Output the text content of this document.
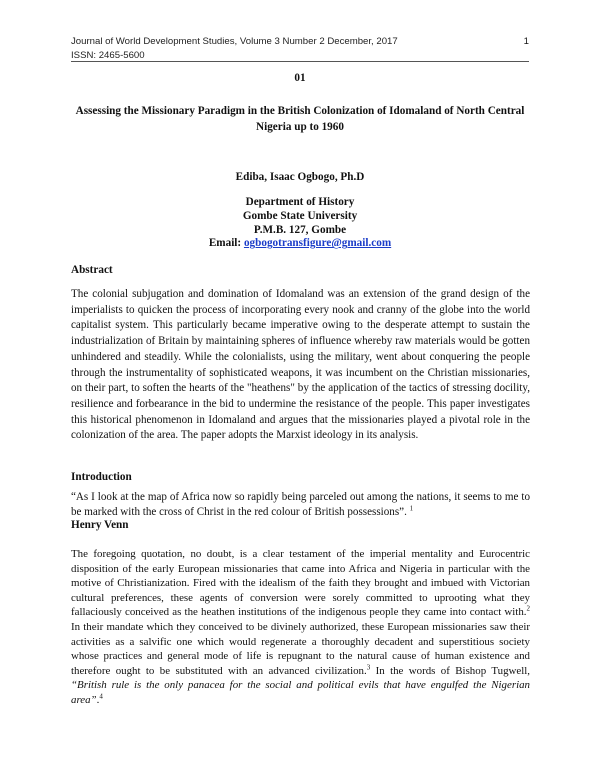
Journal of World Development Studies, Volume 3 Number 2 December, 2017	1
ISSN: 2465-5600
01
Assessing the Missionary Paradigm in the British Colonization of Idomaland of North Central Nigeria up to 1960
Ediba, Isaac Ogbogo, Ph.D
Department of History
Gombe State University
P.M.B. 127, Gombe
Email: ogbogotransfigure@gmail.com
Abstract
The colonial subjugation and domination of Idomaland was an extension of the grand design of the imperialists to quicken the process of incorporating every nook and cranny of the globe into the world capitalist system. This particularly became imperative owing to the desperate attempt to sustain the industrialization of Britain by maintaining spheres of influence whereby raw materials would be gotten unhindered and steadily. While the colonialists, using the military, went about conquering the people through the instrumentality of sophisticated weapons, it was incumbent on the Christian missionaries, on their part, to soften the hearts of the "heathens" by the application of the tactics of stressing docility, resilience and forbearance in the bid to undermine the resistance of the people. This paper investigates this historical phenomenon in Idomaland and argues that the missionaries played a pivotal role in the colonization of the area. The paper adopts the Marxist ideology in its analysis.
Introduction
“As I look at the map of Africa now so rapidly being parceled out among the nations, it seems to me to be marked with the cross of Christ in the red colour of British possessions”. $^1$
Henry Venn
The foregoing quotation, no doubt, is a clear testament of the imperial mentality and Eurocentric disposition of the early European missionaries that came into Africa and Nigeria in particular with the motive of Christianization. Fired with the idealism of the faith they brought and imbued with Victorian cultural preferences, these agents of conversion were sorely committed to uprooting what they fallaciously conceived as the heathen institutions of the indigenous people they came into contact with.$^2$ In their mandate which they conceived to be divinely authorized, these European missionaries saw their activities as a salvific one which would regenerate a thoroughly decadent and superstitious society whose practices and general mode of life is repugnant to the natural cause of human existence and therefore ought to be substituted with an advanced civilization.$^3$ In the words of Bishop Tugwell, “British rule is the only panacea for the social and political evils that have engulfed the Nigerian area”.$^4$
